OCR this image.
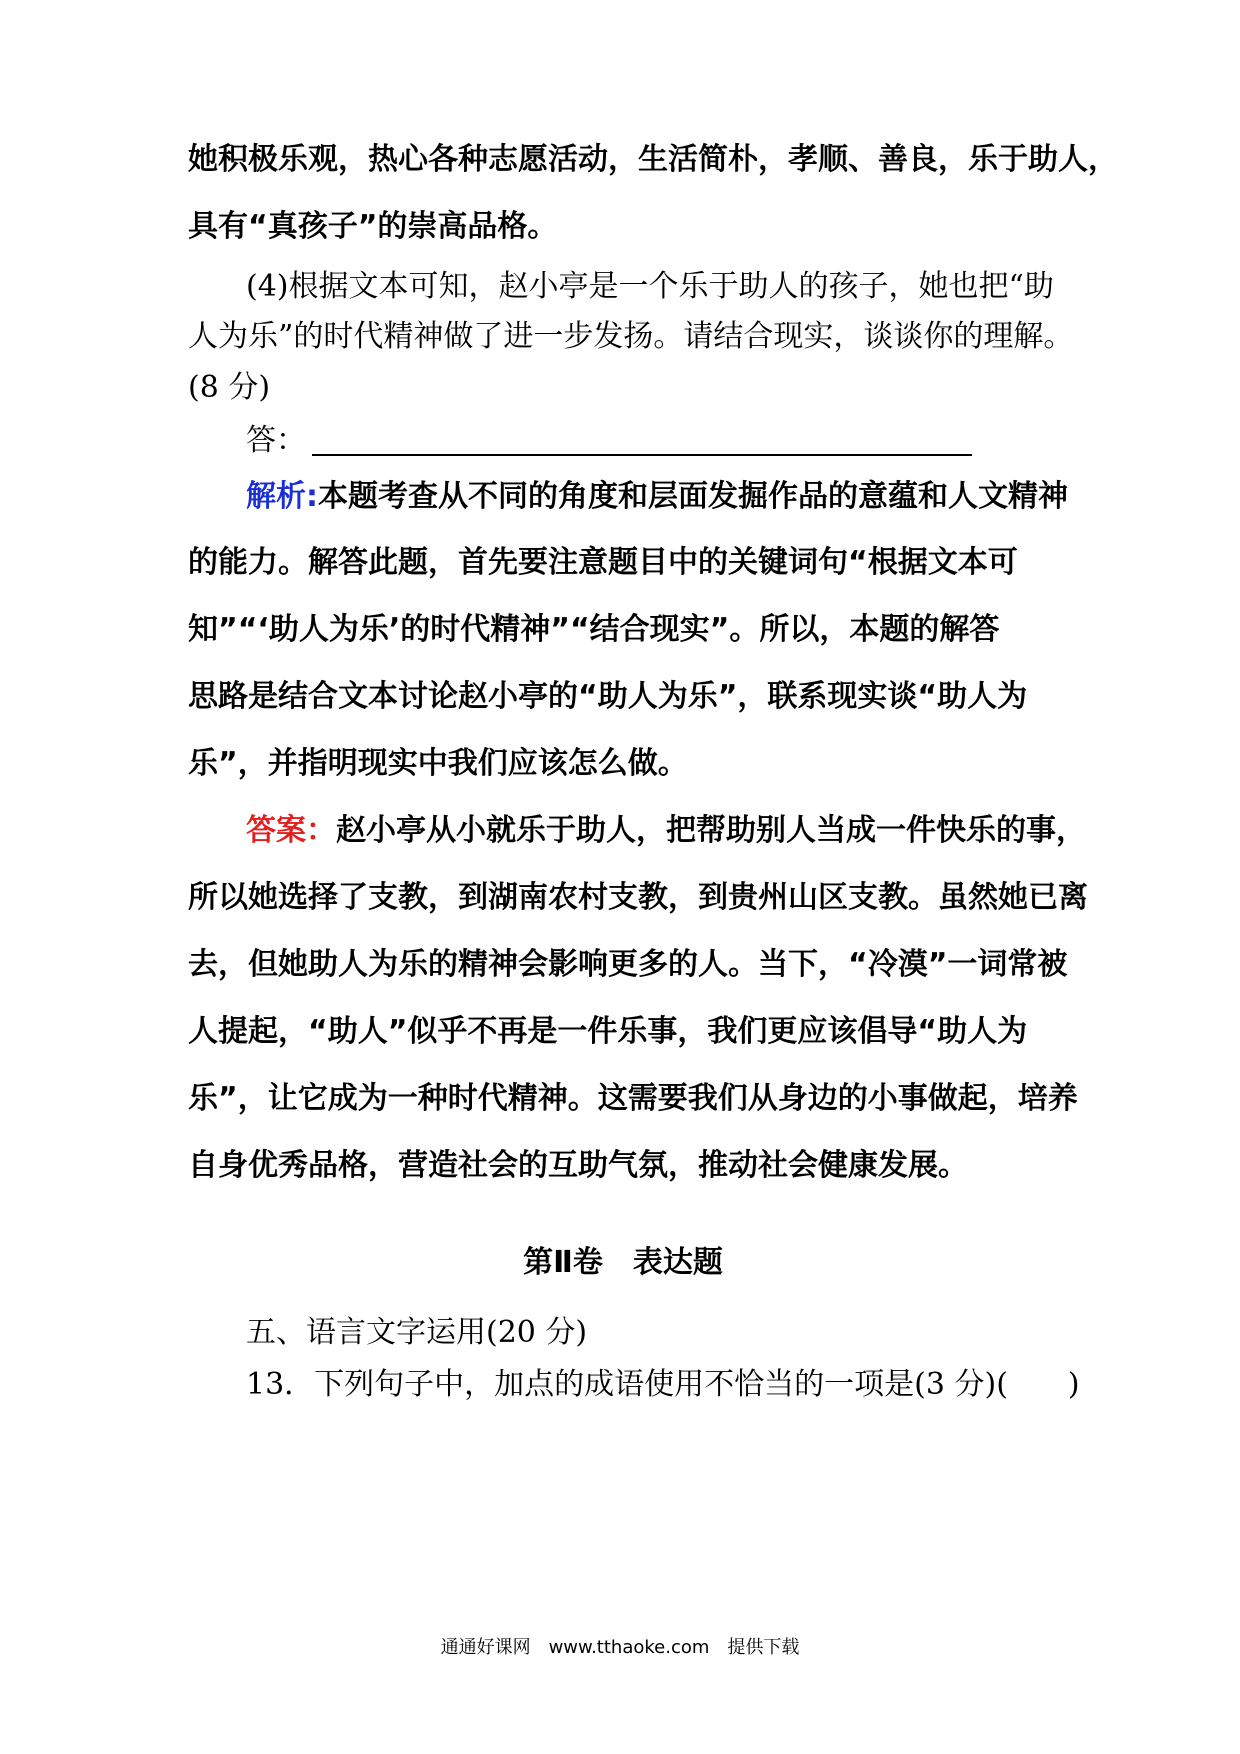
她积极乐观，热心各种志愿活动，生活简朴，孝顺、善良，乐于助人，
具有“真孩子”的崇高品格。
(4)根据文本可知，赵小亭是一个乐于助人的孩子，她也把“助
人为乐”的时代精神做了进一步发扬。请结合现实，谈谈你的理解。
(8 分)
答：
解析:本题考查从不同的角度和层面发掘作品的意蕴和人文精神
的能力。解答此题，首先要注意题目中的关键词句“根据文本可
知”“‘助人为乐’的时代精神”“结合现实”。所以，本题的解答
思路是结合文本讨论赵小亭的“助人为乐”，联系现实谈“助人为
乐”，并指明现实中我们应该怎么做。
答案：赵小亭从小就乐于助人，把帮助别人当成一件快乐的事，
所以她选择了支教，到湖南农村支教，到贵州山区支教。虽然她已离
去，但她助人为乐的精神会影响更多的人。当下，“冷漠”一词常被
人提起，“助人”似乎不再是一件乐事，我们更应该倡导“助人为
乐”，让它成为一种时代精神。这需要我们从身边的小事做起，培养
自身优秀品格，营造社会的互助气氛，推动社会健康发展。
第Ⅱ卷　表达题
五、语言文字运用(20 分)
13．下列句子中，加点的成语使用不恰当的一项是(3 分)(　　)
通通好课网　www.tthaoke.com　提供下载
